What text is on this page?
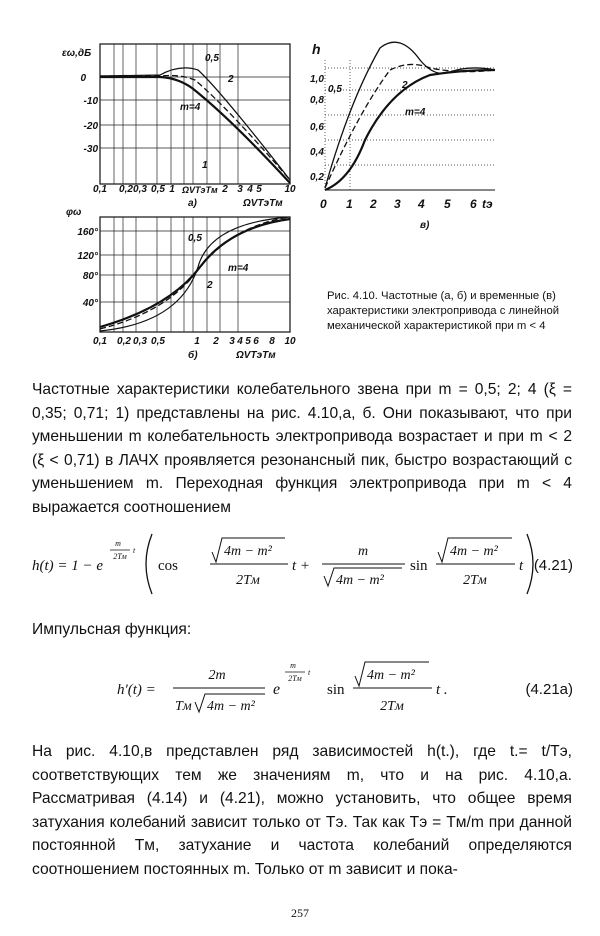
εω,дБ
0
-10
-20
-30
0,1 0,2 0,3 0,5 1	2 3 4 5 10
ΩVTэTм
а)	ΩVTэTм
0,5
2
m=4
1
h
1,0
0,8
0,6
0,4
0,2
0 1 2 3 4 5 6 tэ
в)
0,5	2
m=4
φω
160°
120°
80°
40°
0,1 0,2 0,3 0,5	1 2 3 4 5 6 8 10
б)	ΩVTэTм
0,5
2
m=4
Рис. 4.10. Частотные (а, б) и временные (в) характеристики электропривода с линейной механической характеристикой при m < 4
Частотные характеристики колебательного звена при m = 0,5; 2; 4 (ξ = 0,35; 0,71; 1) представлены на рис. 4.10,а, б. Они показывают, что при уменьшении m колебательность электропривода возрастает и при m < 2 (ξ < 0,71) в ЛАЧХ проявляется резонансный пик, быстро возрастающий с уменьшением m. Переходная функция электропривода при m < 4 выражается соотношением
h(t) = 1 − e
m
2Tм
t
cos
4m − m²
2Tм
t +
m
4m − m²
sin
4m − m²
2Tм
t (4.21)
Импульсная функция:
h'(t) =
2m
Tм 4m − m²
e
m
2Tм
t
sin
4m − m²
2Tм
t .	(4.21а)
На рис. 4.10,в представлен ряд зависимостей h(t.), где t.= t/Tэ, соответствующих тем же значениям m, что и на рис. 4.10,а. Рассматривая (4.14) и (4.21), можно установить, что общее время затухания колебаний зависит только от Tэ. Так как Tэ = Tм/m при данной постоянной Tм, затухание и частота колебаний определяются соотношением постоянных m. Только от m зависит и пока-
257
